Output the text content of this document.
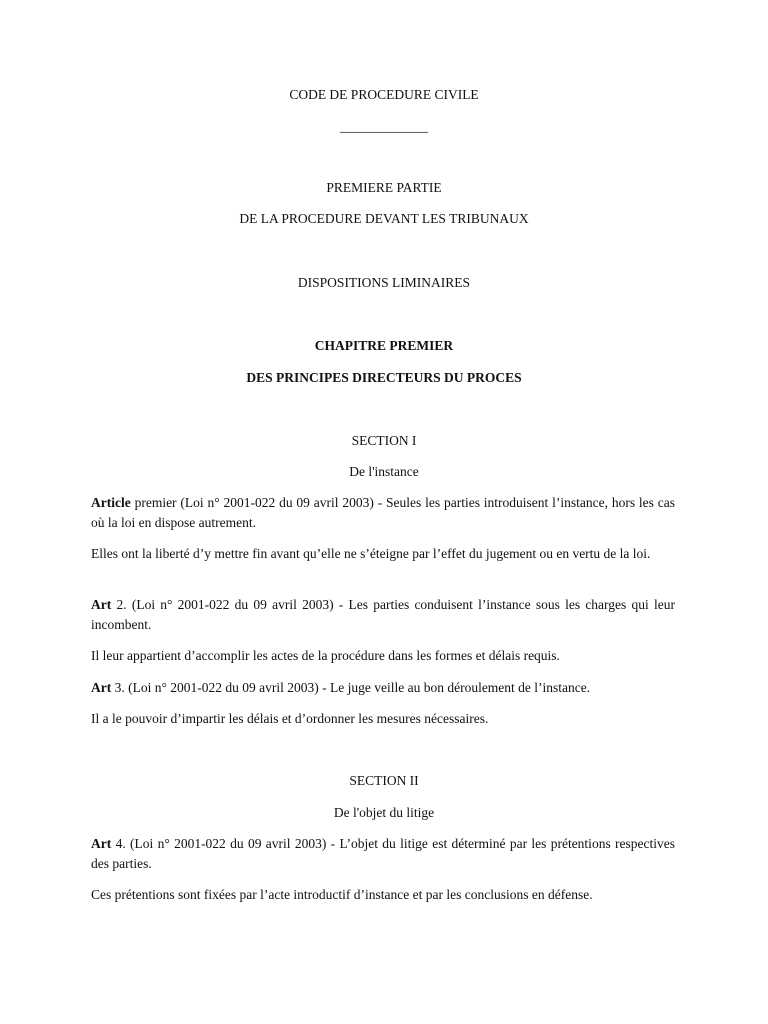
CODE DE PROCEDURE CIVILE
_____________
PREMIERE PARTIE
DE LA PROCEDURE DEVANT LES TRIBUNAUX
DISPOSITIONS LIMINAIRES
CHAPITRE PREMIER
DES PRINCIPES DIRECTEURS DU PROCES
SECTION I
De l'instance

Article premier (Loi n° 2001-022 du 09 avril 2003) - Seules les parties introduisent l’instance, hors les cas où la loi en dispose autrement.

Elles ont la liberté d’y mettre fin avant qu’elle ne s’éteigne par l’effet du jugement ou en vertu de la loi.

Art 2. (Loi n° 2001-022 du 09 avril 2003) - Les parties conduisent l’instance sous les charges qui leur incombent.

Il leur appartient d’accomplir les actes de la procédure dans les formes et délais requis.

Art 3. (Loi n° 2001-022 du 09 avril 2003) - Le juge veille au bon déroulement de l’instance.

Il a le pouvoir d’impartir les délais et d’ordonner les mesures nécessaires.

SECTION II
De l'objet du litige

Art 4. (Loi n° 2001-022 du 09 avril 2003) - L’objet du litige est déterminé par les prétentions respectives des parties.

Ces prétentions sont fixées par l’acte introductif d’instance et par les conclusions en défense.
